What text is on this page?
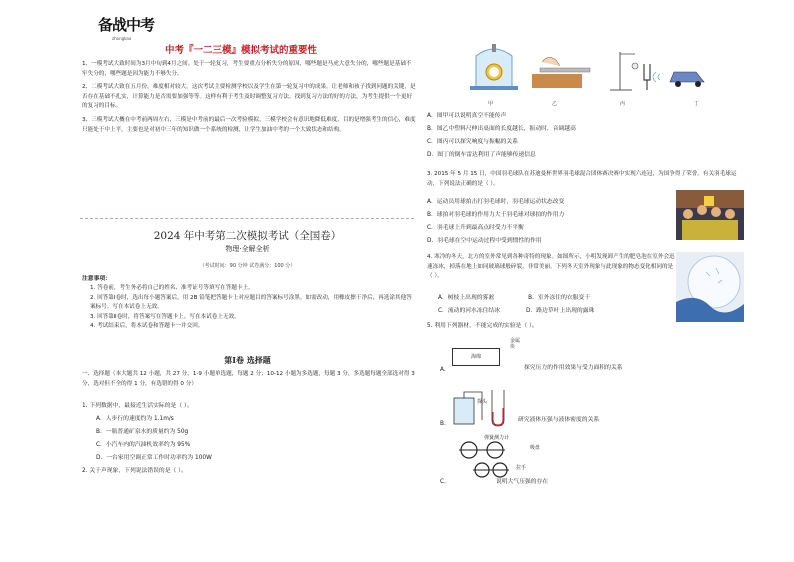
备战中考
zhongkao
中考『一二三模』模拟考试的重要性

1、一模考试大致时间为3月中旬到4月之间。处于一轮复习，考生要重点分析失分的原因，哪些题是马虎大意失分的，哪些题是基础不牢失分的，哪些题是因为能力不够失分。

2、二模考试大致在五月份，难度相对较大。这次考试主要检测学校以及学生在第一轮复习中的成果。让老师和孩子找到问题的关键，是否存在基础不扎实，计算能力是否需要加强等等。这样有利于考生及时调整复习方法，找到复习方法的好的方法，为考生提供一个更好的复习的目标。

3、三模考试大概在中考前两周左右，三模是中考前的最后一次考验模拟。三模学校会有意识地降低难度，目的是增强考生的信心，难度只能处于中上平，主要也是对初中三年的知识做一个系统的检测，让学生加油中考的一个大致状态和结构。

2024 年中考第二次模拟考试（全国卷）
物理·全解全析
（考试时间：90 分钟 试卷满分：100 分）
注意事项：

1. 答卷前，考生务必将自己的姓名、准考证号等填写在答题卡上。

2. 回答第Ⅰ卷时，选出每小题答案后，用 2B 铅笔把答题卡上对应题目的答案标号涂黑。如需改动，用橡皮擦干净后，再选涂其他答案标号。写在本试卷上无效。

3. 回答第Ⅱ卷时，将答案写在答题卡上。写在本试卷上无效。

4. 考试结束后，将本试卷和答题卡一并交回。

第Ⅰ卷 选择题

一、选择题（本大题共 12 小题，共 27 分，1-9 小题单选题，每题 2 分；10-12 小题为多选题，每题 3 分，多选题每题全部选对得 3 分，选对但不全的得 1 分，有选错的得 0 分）

1. 下列数据中，最接近生活实际的是（ ）。
A．人步行的速度约为 1.1m/s
B．一瓶普通矿泉水的质量约为 50g
C．小汽车内的汽油机效率约为 95%
D．一台家用空调正常工作时功率约为 100W
2. 关于声现象，下列说法错误的是（ ）。
甲	乙	丙	丁
A．图甲可以说明真空不能传声
B．图乙中塑料尺伸出桌面的长度越长，振动时，音调越高
C．图丙可以探究响度与振幅的关系
D．图丁的倒车雷达利用了声能够传递信息

3. 2015 年 5 月 15 日，中国羽毛球队在苏迪曼杯世界羽毛球混合团体赛决赛中实现六连冠，为国争得了荣誉。有关羽毛球运动，下列说法正确的是（ ）。

A．运动员用球拍击打羽毛球时，羽毛球运动状态改变
B．球拍对羽毛球的作用力大于羽毛球对球拍的作用力
C．羽毛球上升到最高点时受力不平衡
D．羽毛球在空中运动过程中受到惯性的作用

4. 寒冷的冬天，北方的室外常见到各种奇特的现象。如图所示，小明发现卸产生的肥皂泡在室外会迅速冻冰，掉落在地上如同玻璃球般碎裂，非常美丽。下列冬天室外现象与此现象的物态变化相同的是（ ）。

A．树枝上出现的雾凇	B．室外冻住的衣服变干
C．流动的河水冻住结冰	D．路边草叶上出现的露珠
5. 利用下列器材，不能完成的实验是（ ）。
A.
海绵
金属块
探究压力的作用效果与受力面积的关系
探头
B.
研究液体压强与液体密度的关系
弹簧测力计
吸盘
拉手
C.	说明大气压强的存在
